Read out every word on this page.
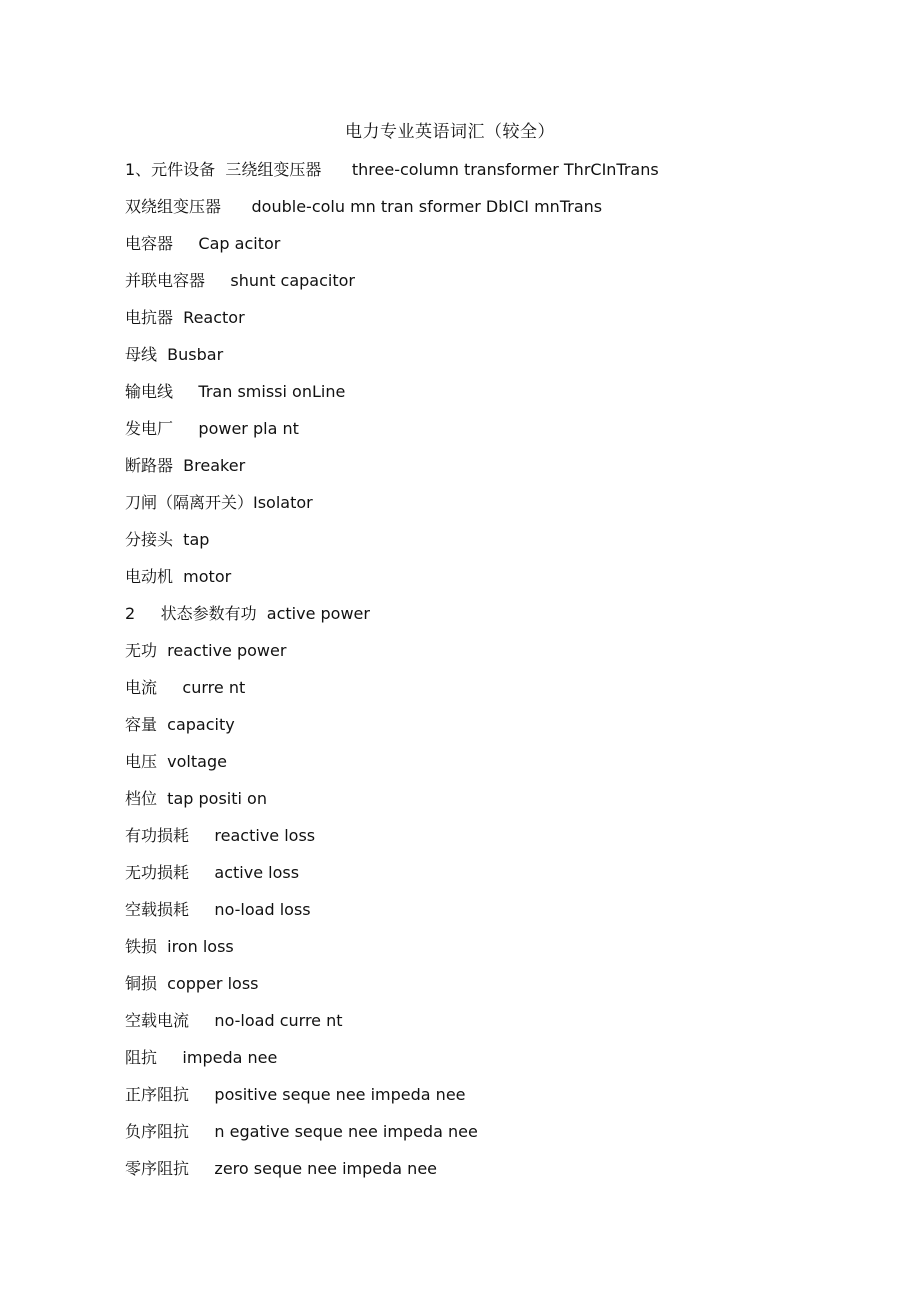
电力专业英语词汇（较全）
1、元件设备  三绕组变压器      three-column transformer ThrCInTrans
双绕组变压器      double-colu mn tran sformer DbICI mnTrans
电容器     Cap acitor
并联电容器     shunt capacitor
电抗器  Reactor
母线  Busbar
输电线     Tran smissi onLine
发电厂     power pla nt
断路器  Breaker
刀闸（隔离开关）Isolator
分接头  tap
电动机  motor
2     状态参数有功  active power
无功  reactive power
电流     curre nt
容量  capacity
电压  voltage
档位  tap positi on
有功损耗     reactive loss
无功损耗     active loss
空载损耗     no-load loss
铁损  iron loss
铜损  copper loss
空载电流     no-load curre nt
阻抗     impeda nee
正序阻抗     positive seque nee impeda nee
负序阻抗     n egative seque nee impeda nee
零序阻抗     zero seque nee impeda nee
